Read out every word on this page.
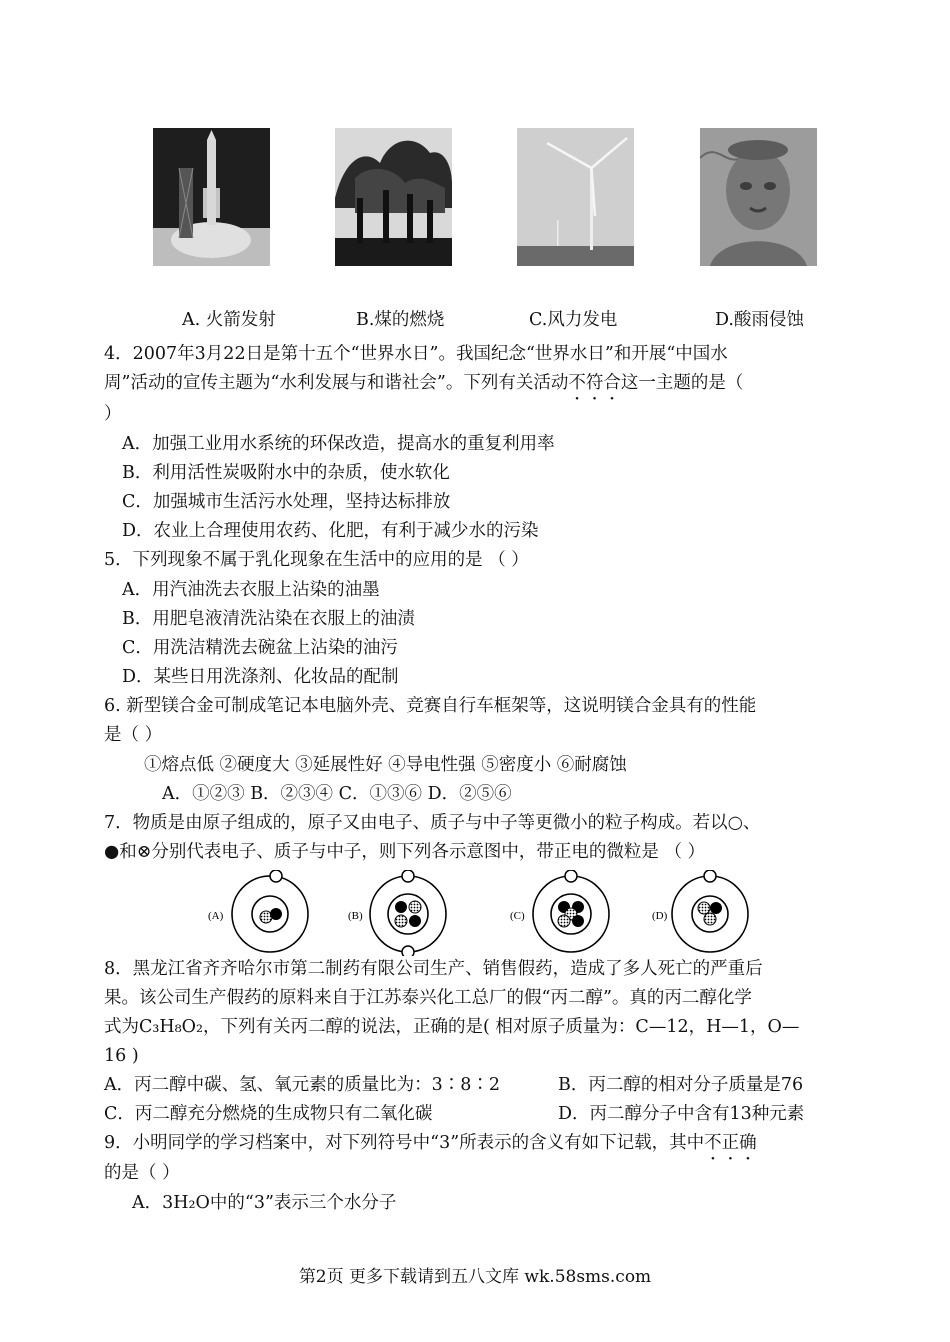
A. 火箭发射	B.煤的燃烧	C.风力发电	D.酸雨侵蚀
4．2007年3月22日是第十五个“世界水日”。我国纪念“世界水日”和开展“中国水
周”活动的宣传主题为“水利发展与和谐社会”。下列有关活动不符合这一主题的是（
）
A．加强工业用水系统的环保改造，提高水的重复利用率
B．利用活性炭吸附水中的杂质，使水软化
C．加强城市生活污水处理，坚持达标排放
D．农业上合理使用农药、化肥，有利于减少水的污染
5．下列现象不属于乳化现象在生活中的应用的是 （ ）
A．用汽油洗去衣服上沾染的油墨
B．用肥皂液清洗沾染在衣服上的油渍
C．用洗洁精洗去碗盆上沾染的油污
D．某些日用洗涤剂、化妆品的配制
6. 新型镁合金可制成笔记本电脑外壳、竞赛自行车框架等，这说明镁合金具有的性能
是（ ）
①熔点低 ②硬度大 ③延展性好 ④导电性强 ⑤密度小 ⑥耐腐蚀
A．①②③ B．②③④ C．①③⑥ D．②⑤⑥
7．物质是由原子组成的，原子又由电子、质子与中子等更微小的粒子构成。若以○、
●和⊗分别代表电子、质子与中子，则下列各示意图中，带正电的微粒是 （ ）
(A)	(B)	(C)	(D)
8．黑龙江省齐齐哈尔市第二制药有限公司生产、销售假药，造成了多人死亡的严重后
果。该公司生产假药的原料来自于江苏泰兴化工总厂的假“丙二醇”。真的丙二醇化学
式为C₃H₈O₂，下列有关丙二醇的说法，正确的是( 相对原子质量为：C—12，H—1，O—
16 )
A．丙二醇中碳、氢、氧元素的质量比为：3∶8∶2	B．丙二醇的相对分子质量是76
C．丙二醇充分燃烧的生成物只有二氧化碳	D．丙二醇分子中含有13种元素
9．小明同学的学习档案中，对下列符号中“3”所表示的含义有如下记载，其中不正确
的是（ ）
A．3H₂O中的“3”表示三个水分子
第2页 更多下载请到五八文库 wk.58sms.com
